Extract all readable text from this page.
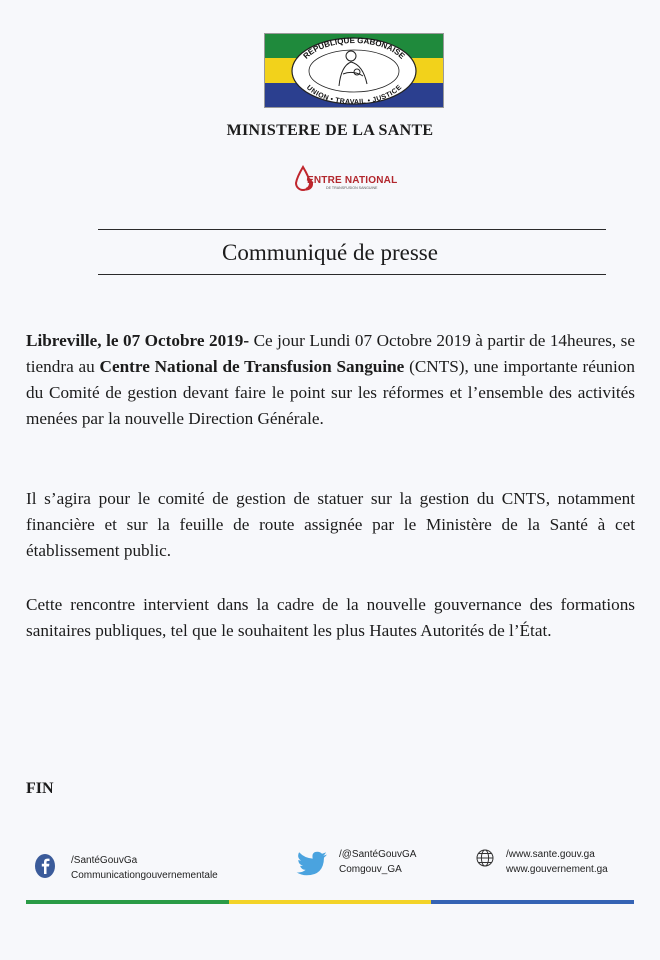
RÉPUBLIQUE GABONAISE
UNION • TRAVAIL • JUSTICE
MINISTERE DE LA SANTE
ENTRE NATIONAL
DE TRANSFUSION SANGUINE
Communiqué de presse
Libreville, le 07 Octobre 2019- Ce jour Lundi 07 Octobre 2019 à partir de 14heures, se tiendra au Centre National de Transfusion Sanguine (CNTS), une importante réunion du Comité de gestion devant faire le point sur les réformes et l’ensemble des activités menées par la nouvelle Direction Générale.
Il s’agira pour le comité de gestion de statuer sur la gestion du CNTS, notamment financière et sur la feuille de route assignée par le Ministère de la Santé à cet établissement public.
Cette rencontre intervient dans la cadre de la nouvelle gouvernance des formations sanitaires publiques, tel que le souhaitent les plus Hautes Autorités de l’État.
FIN
/SantéGouvGa
Communicationgouvernementale
/@SantéGouvGA
Comgouv_GA
/www.sante.gouv.ga
www.gouvernement.ga
